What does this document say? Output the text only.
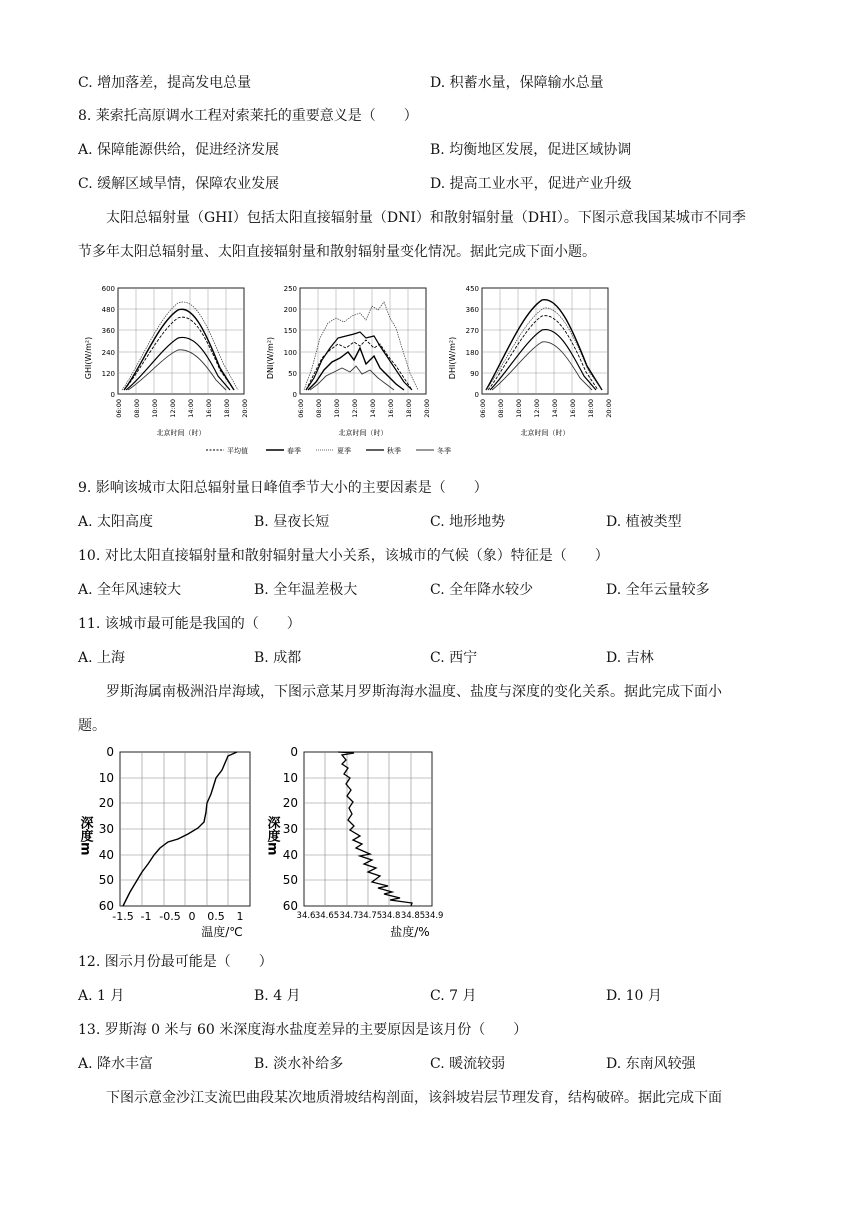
C. 增加落差，提高发电总量	D. 积蓄水量，保障输水总量
8. 莱索托高原调水工程对索莱托的重要意义是（　　）
A. 保障能源供给，促进经济发展	B. 均衡地区发展，促进区域协调
C. 缓解区域旱情，保障农业发展	D. 提高工业水平，促进产业升级
太阳总辐射量（GHI）包括太阳直接辐射量（DNI）和散射辐射量（DHI）。下图示意我国某城市不同季
节多年太阳总辐射量、太阳直接辐射量和散射辐射量变化情况。据此完成下面小题。
GHI(W/m²)
0
120
240
360
480
600
06:00 08:00 10:00 12:00 14:00 16:00 18:00 20:00
北京时间（时）
DNI(W/m²)
0
50
100
150
200
250
06:00 08:00 10:00 12:00 14:00 16:00 18:00 20:00
北京时间（时）
DHI(W/m²)
0
90
180
270
360
450
06:00 08:00 10:00 12:00 14:00 16:00 18:00 20:00
北京时间（时）
平均值	春季	夏季	秋季	冬季
9. 影响该城市太阳总辐射量日峰值季节大小的主要因素是（　　）
A. 太阳高度	B. 昼夜长短	C. 地形地势	D. 植被类型
10. 对比太阳直接辐射量和散射辐射量大小关系，该城市的气候（象）特征是（　　）
A. 全年风速较大	B. 全年温差极大	C. 全年降水较少	D. 全年云量较多
11. 该城市最可能是我国的（　　）
A. 上海	B. 成都	C. 西宁	D. 吉林
罗斯海属南极洲沿岸海域，下图示意某月罗斯海海水温度、盐度与深度的变化关系。据此完成下面小
题。
深度m
0
10
20
30
40
50
60
-1.5 -1 -0.5 0 0.5 1
温度/℃
深度m
0
10
20
30
40
50
60
34.6 34.65 34.7 34.75 34.8 34.85 34.9
盐度/%
12. 图示月份最可能是（　　）
A. 1 月	B. 4 月	C. 7 月	D. 10 月
13. 罗斯海 0 米与 60 米深度海水盐度差异的主要原因是该月份（　　）
A. 降水丰富	B. 淡水补给多	C. 暖流较弱	D. 东南风较强
下图示意金沙江支流巴曲段某次地质滑坡结构剖面，该斜坡岩层节理发育，结构破碎。据此完成下面
